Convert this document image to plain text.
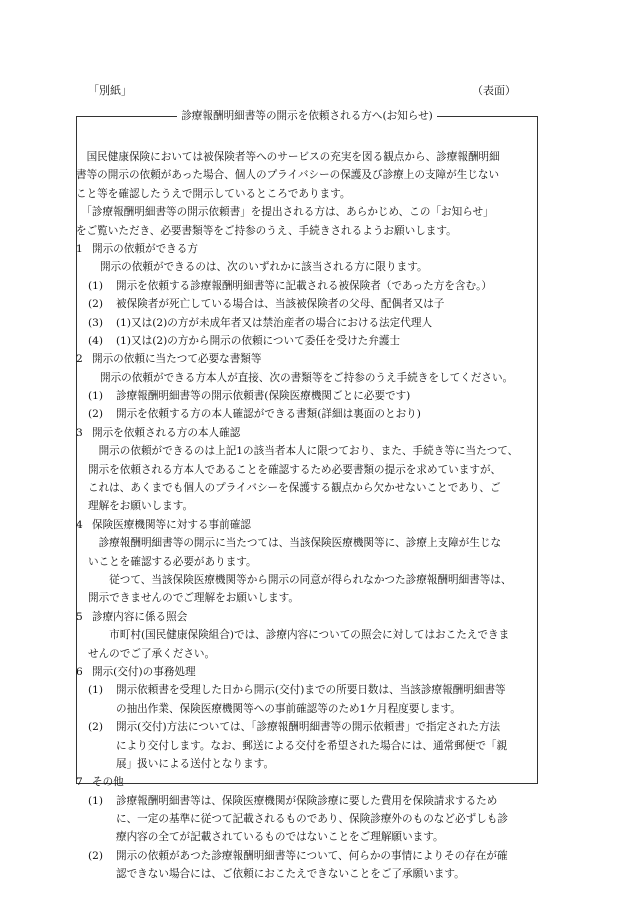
「別紙」	（表面）
診療報酬明細書等の開示を依頼される方へ(お知らせ)
　国民健康保険においては被保険者等へのサービスの充実を図る観点から、診療報酬明細
書等の開示の依頼があった場合、個人のプライバシーの保護及び診療上の支障が生じない
こと等を確認したうえで開示しているところであります。
　「診療報酬明細書等の開示依頼書」を提出される方は、あらかじめ、この「お知らせ」
をご覧いただき、必要書類等をご持参のうえ、手続きされるようお願いします。
1 開示の依頼ができる方
開示の依頼ができるのは、次のいずれかに該当される方に限ります。
(1) 開示を依頼する診療報酬明細書等に記載される被保険者（であった方を含む。）
(2) 被保険者が死亡している場合は、当該被保険者の父母、配偶者又は子
(3) (1)又は(2)の方が未成年者又は禁治産者の場合における法定代理人
(4) (1)又は(2)の方から開示の依頼について委任を受けた弁護士
2 開示の依頼に当たつて必要な書類等
開示の依頼ができる方本人が直接、次の書類等をご持参のうえ手続きをしてください。
(1) 診療報酬明細書等の開示依頼書(保険医療機関ごとに必要です)
(2) 開示を依頼する方の本人確認ができる書類(詳細は裏面のとおり)
3 開示を依頼される方の本人確認
　開示の依頼ができるのは上記1の該当者本人に限つており、また、手続き等に当たつて、
開示を依頼される方本人であることを確認するため必要書類の提示を求めていますが、
これは、あくまでも個人のプライバシーを保護する観点から欠かせないことであり、ご
理解をお願いします。
4 保険医療機関等に対する事前確認
　診療報酬明細書等の開示に当たつては、当該保険医療機関等に、診療上支障が生じな
いことを確認する必要があります。
　　従つて、当該保険医療機関等から開示の同意が得られなかつた診療報酬明細書等は、
開示できませんのでご理解をお願いします。
5 診療内容に係る照会
　　市町村(国民健康保険組合)では、診療内容についての照会に対してはおこたえできま
せんのでご了承ください。
6 開示(交付)の事務処理
(1) 開示依頼書を受理した日から開示(交付)までの所要日数は、当該診療報酬明細書等
の抽出作業、保険医療機関等への事前確認等のため1ケ月程度要します。
(2) 開示(交付)方法については、「診療報酬明細書等の開示依頼書」で指定された方法
により交付します。なお、郵送による交付を希望された場合には、通常郵便で「親
展」扱いによる送付となります。
7 その他
(1) 診療報酬明細書等は、保険医療機関が保険診療に要した費用を保険請求するため
に、一定の基準に従つて記載されるものであり、保険診療外のものなど必ずしも診
療内容の全てが記載されているものではないことをご理解願います。
(2) 開示の依頼があつた診療報酬明細書等について、何らかの事情によりその存在が確
認できない場合には、ご依頼におこたえできないことをご了承願います。
